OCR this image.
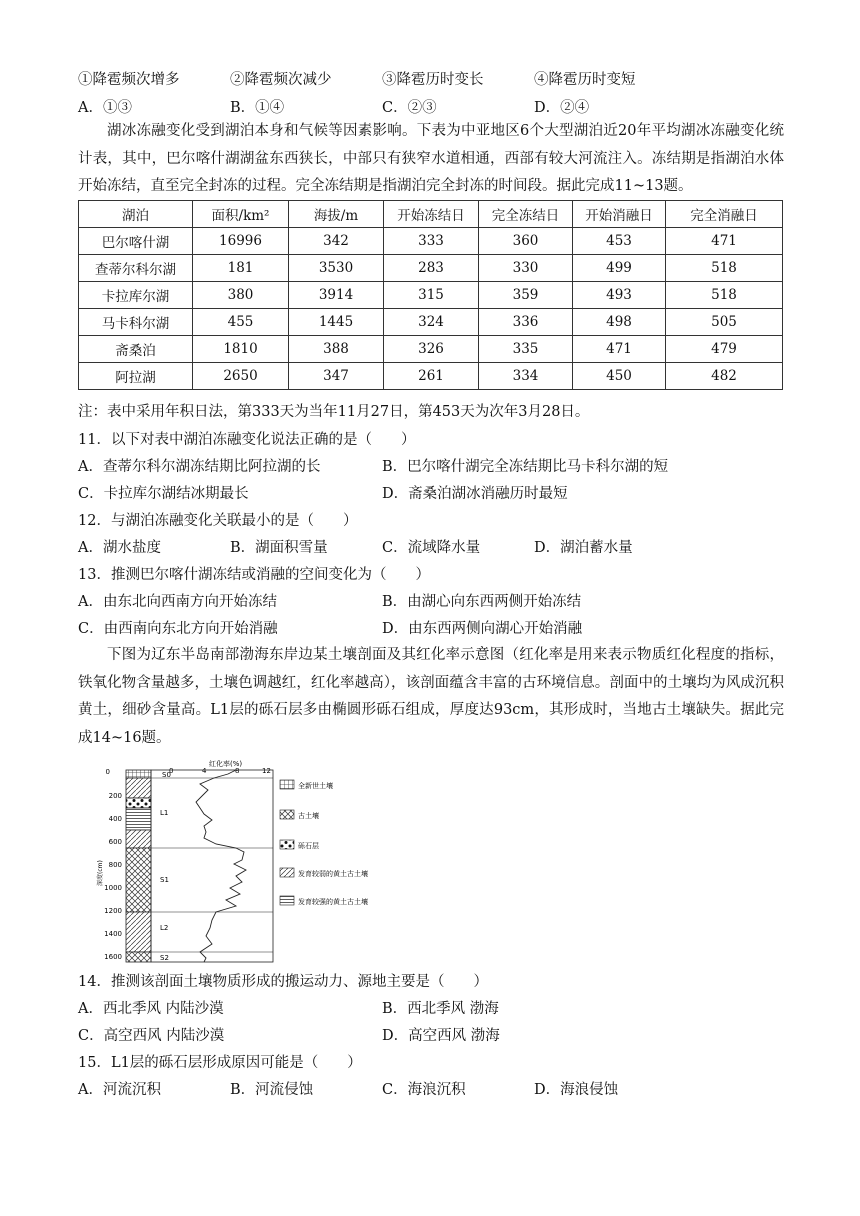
①降雹频次增多	②降雹频次减少	③降雹历时变长	④降雹历时变短
A．①③	B．①④	C．②③	D．②④
湖冰冻融变化受到湖泊本身和气候等因素影响。下表为中亚地区6个大型湖泊近20年平均湖冰冻融变化统计表，其中，巴尔喀什湖湖盆东西狭长，中部只有狭窄水道相通，西部有较大河流注入。冻结期是指湖泊水体开始冻结，直至完全封冻的过程。完全冻结期是指湖泊完全封冻的时间段。据此完成11~13题。
湖泊	面积/km²	海拔/m	开始冻结日	完全冻结日	开始消融日	完全消融日
巴尔喀什湖	16996	342	333	360	453	471
查蒂尔科尔湖	181	3530	283	330	499	518
卡拉库尔湖	380	3914	315	359	493	518
马卡科尔湖	455	1445	324	336	498	505
斋桑泊	1810	388	326	335	471	479
阿拉湖	2650	347	261	334	450	482
注：表中采用年积日法，第333天为当年11月27日，第453天为次年3月28日。
11．以下对表中湖泊冻融变化说法正确的是（　　）
A．查蒂尔科尔湖冻结期比阿拉湖的长	B．巴尔喀什湖完全冻结期比马卡科尔湖的短
C．卡拉库尔湖结冰期最长	D．斋桑泊湖冰消融历时最短
12．与湖泊冻融变化关联最小的是（　　）
A．湖水盐度	B．湖面积雪量	C．流域降水量	D．湖泊蓄水量
13．推测巴尔喀什湖冻结或消融的空间变化为（　　）
A．由东北向西南方向开始冻结	B．由湖心向东西两侧开始冻结
C．由西南向东北方向开始消融	D．由东西两侧向湖心开始消融
下图为辽东半岛南部渤海东岸边某土壤剖面及其红化率示意图（红化率是用来表示物质红化程度的指标，铁氧化物含量越多，土壤色调越红，红化率越高），该剖面蕴含丰富的古环境信息。剖面中的土壤均为风成沉积黄土，细砂含量高。L1层的砾石层多由椭圆形砾石组成，厚度达93cm，其形成时，当地古土壤缺失。据此完成14~16题。
红化率(%)
0	4	8	12
深度(cm)
0
200
400
600
800
1000
1200
1400
1600
S0
L1
S1
L2
S2
全新世土壤
古土壤
砾石层
发育较弱的黄土古土壤
发育较强的黄土古土壤
14．推测该剖面土壤物质形成的搬运动力、源地主要是（　　）
A．西北季风 内陆沙漠	B．西北季风 渤海
C．高空西风 内陆沙漠	D．高空西风 渤海
15．L1层的砾石层形成原因可能是（　　）
A．河流沉积	B．河流侵蚀	C．海浪沉积	D．海浪侵蚀
